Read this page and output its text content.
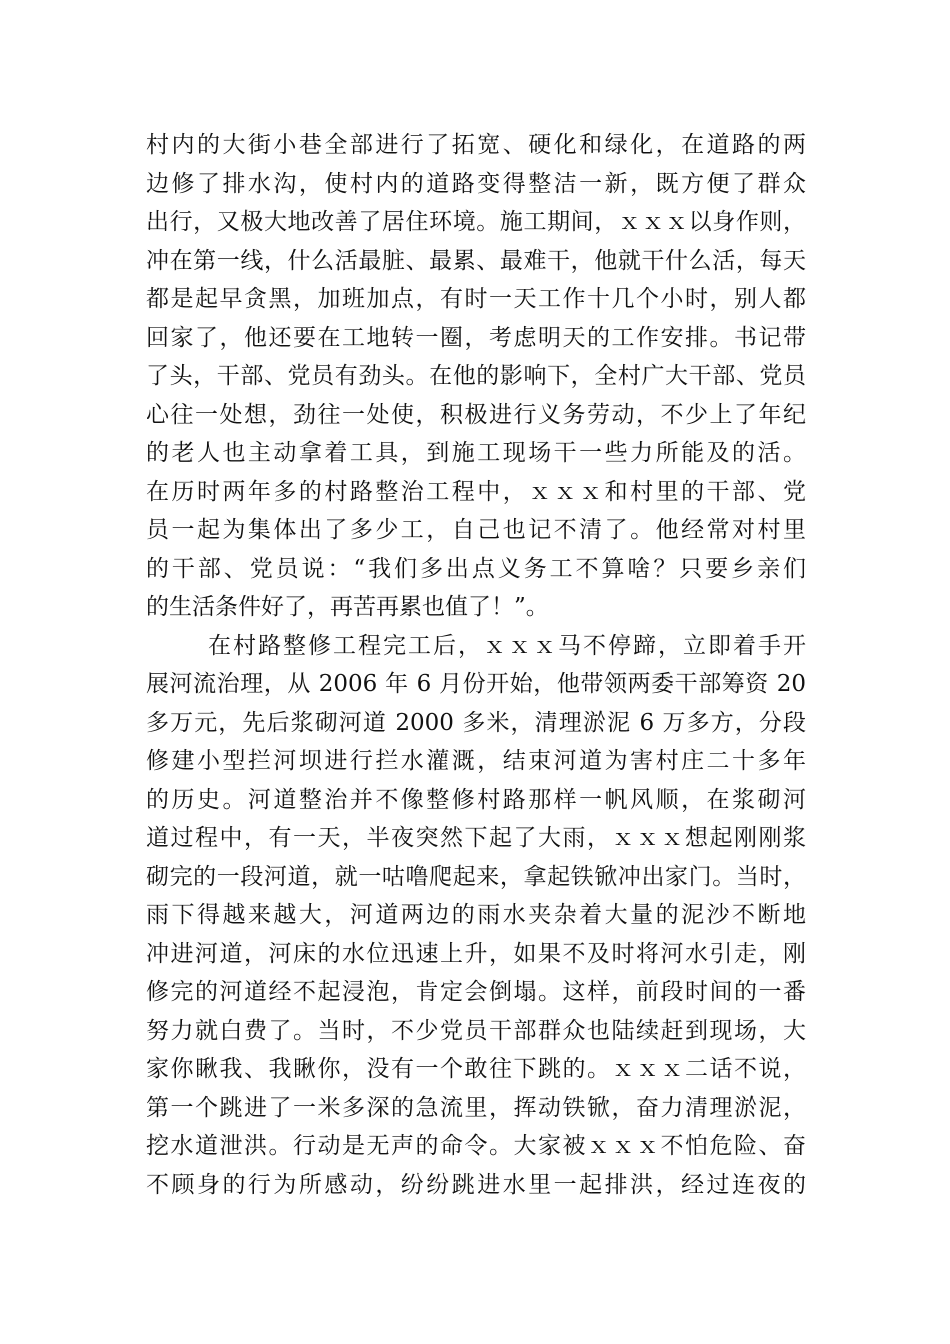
村内的大街小巷全部进行了拓宽、硬化和绿化，在道路的两
边修了排水沟，使村内的道路变得整洁一新，既方便了群众
出行，又极大地改善了居住环境。施工期间，ｘｘｘ以身作则，
冲在第一线，什么活最脏、最累、最难干，他就干什么活，每天
都是起早贪黑，加班加点，有时一天工作十几个小时，别人都
回家了，他还要在工地转一圈，考虑明天的工作安排。书记带
了头，干部、党员有劲头。在他的影响下，全村广大干部、党员
心往一处想，劲往一处使，积极进行义务劳动，不少上了年纪
的老人也主动拿着工具，到施工现场干一些力所能及的活。
在历时两年多的村路整治工程中，ｘｘｘ和村里的干部、党
员一起为集体出了多少工，自己也记不清了。他经常对村里
的干部、党员说：“我们多出点义务工不算啥？只要乡亲们
的生活条件好了，再苦再累也值了！”。
在村路整修工程完工后，ｘｘｘ马不停蹄，立即着手开
展河流治理，从 2006 年 6 月份开始，他带领两委干部筹资 20
多万元，先后浆砌河道 2000 多米，清理淤泥 6 万多方，分段
修建小型拦河坝进行拦水灌溉，结束河道为害村庄二十多年
的历史。河道整治并不像整修村路那样一帆风顺，在浆砌河
道过程中，有一天，半夜突然下起了大雨，ｘｘｘ想起刚刚浆
砌完的一段河道，就一咕噜爬起来，拿起铁锨冲出家门。当时，
雨下得越来越大，河道两边的雨水夹杂着大量的泥沙不断地
冲进河道，河床的水位迅速上升，如果不及时将河水引走，刚
修完的河道经不起浸泡，肯定会倒塌。这样，前段时间的一番
努力就白费了。当时，不少党员干部群众也陆续赶到现场，大
家你瞅我、我瞅你，没有一个敢往下跳的。ｘｘｘ二话不说，
第一个跳进了一米多深的急流里，挥动铁锨，奋力清理淤泥，
挖水道泄洪。行动是无声的命令。大家被ｘｘｘ不怕危险、奋
不顾身的行为所感动，纷纷跳进水里一起排洪，经过连夜的
